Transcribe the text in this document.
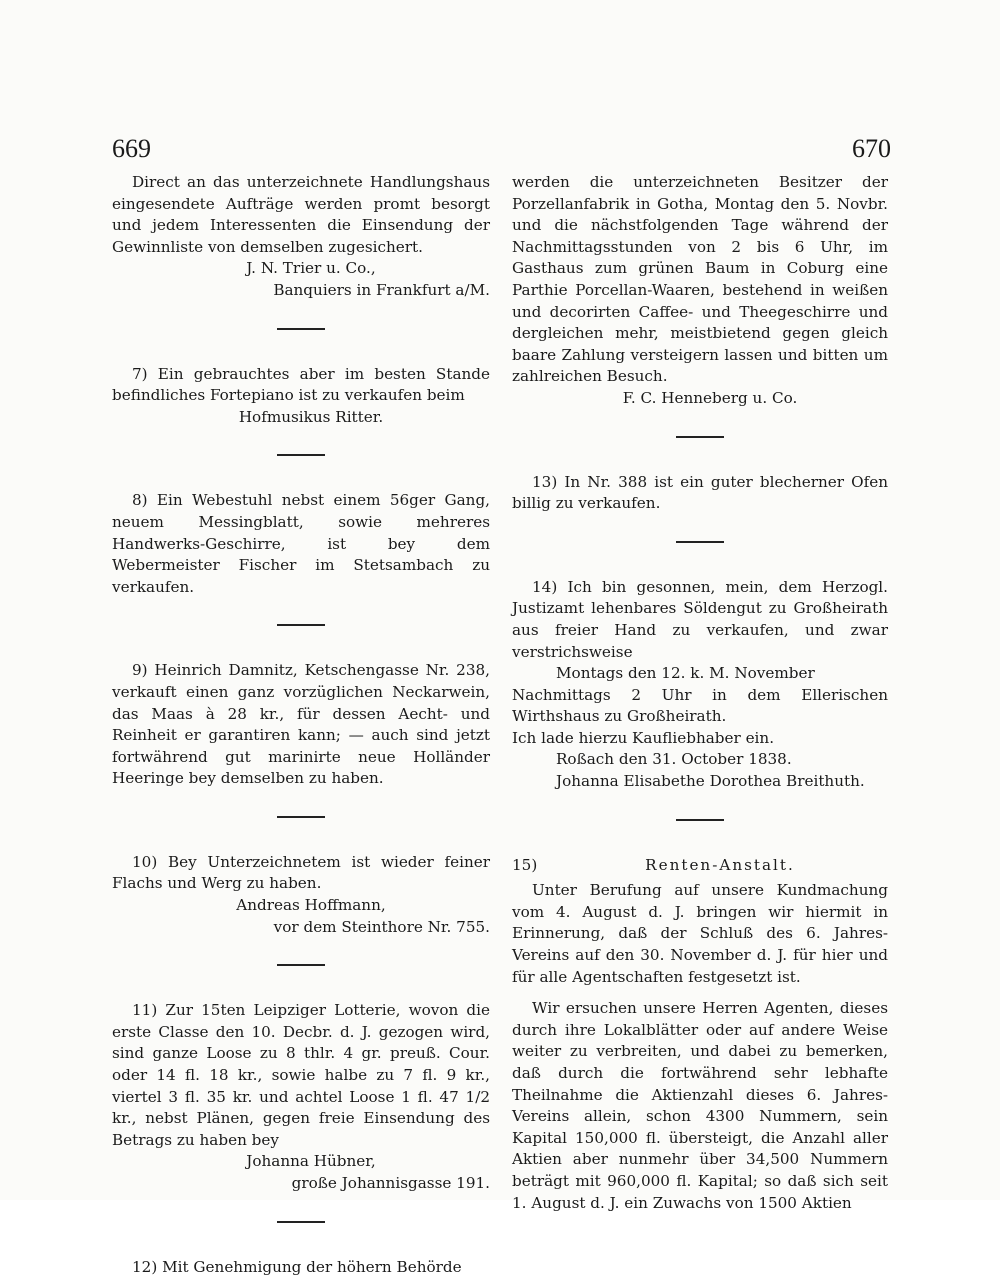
669	670

Direct an das unterzeichnete Handlungshaus eingesendete Aufträge werden promt besorgt und jedem Interessenten die Einsendung der Gewinnliste von demselben zugesichert.

J. N. Trier u. Co.,

Banquiers in Frankfurt a/M.

7) Ein gebrauchtes aber im besten Stande befindliches Fortepiano ist zu verkaufen beim

Hofmusikus Ritter.

8) Ein Webestuhl nebst einem 56ger Gang, neuem Messingblatt, sowie mehreres Handwerks-Geschirre, ist bey dem Webermeister Fischer im Stetsambach zu verkaufen.

9) Heinrich Damnitz, Ketschengasse Nr. 238, verkauft einen ganz vorzüglichen Neckarwein, das Maas à 28 kr., für dessen Aecht- und Reinheit er garantiren kann; — auch sind jetzt fortwährend gut marinirte neue Holländer Heeringe bey demselben zu haben.

10) Bey Unterzeichnetem ist wieder feiner Flachs und Werg zu haben.

Andreas Hoffmann,

vor dem Steinthore Nr. 755.

11) Zur 15ten Leipziger Lotterie, wovon die erste Classe den 10. Decbr. d. J. gezogen wird, sind ganze Loose zu 8 thlr. 4 gr. preuß. Cour. oder 14 fl. 18 kr., sowie halbe zu 7 fl. 9 kr., viertel 3 fl. 35 kr. und achtel Loose 1 fl. 47 1/2 kr., nebst Plänen, gegen freie Einsendung des Betrags zu haben bey

Johanna Hübner,

große Johannisgasse 191.

12) Mit Genehmigung der höhern Behörde

werden die unterzeichneten Besitzer der Porzellanfabrik in Gotha, Montag den 5. Novbr. und die nächstfolgenden Tage während der Nachmittagsstunden von 2 bis 6 Uhr, im Gasthaus zum grünen Baum in Coburg eine Parthie Porcellan-Waaren, bestehend in weißen und decorirten Caffee- und Theegeschirre und dergleichen mehr, meistbietend gegen gleich baare Zahlung versteigern lassen und bitten um zahlreichen Besuch.

F. C. Henneberg u. Co.

13) In Nr. 388 ist ein guter blecherner Ofen billig zu verkaufen.

14) Ich bin gesonnen, mein, dem Herzogl. Justizamt lehenbares Söldengut zu Großheirath aus freier Hand zu verkaufen, und zwar verstrichsweise

Montags den 12. k. M. November

Nachmittags 2 Uhr in dem Ellerischen Wirthshaus zu Großheirath.

Ich lade hierzu Kaufliebhaber ein.

Roßach den 31. October 1838.

Johanna Elisabethe Dorothea Breithuth.

15)	Renten-Anstalt.

Unter Berufung auf unsere Kundmachung vom 4. August d. J. bringen wir hiermit in Erinnerung, daß der Schluß des 6. Jahres-Vereins auf den 30. November d. J. für hier und für alle Agentschaften festgesetzt ist.

Wir ersuchen unsere Herren Agenten, dieses durch ihre Lokalblätter oder auf andere Weise weiter zu verbreiten, und dabei zu bemerken, daß durch die fortwährend sehr lebhafte Theilnahme die Aktienzahl dieses 6. Jahres-Vereins allein, schon 4300 Nummern, sein Kapital 150,000 fl. übersteigt, die Anzahl aller Aktien aber nunmehr über 34,500 Nummern beträgt mit 960,000 fl. Kapital; so daß sich seit 1. August d. J. ein Zuwachs von 1500 Aktien
